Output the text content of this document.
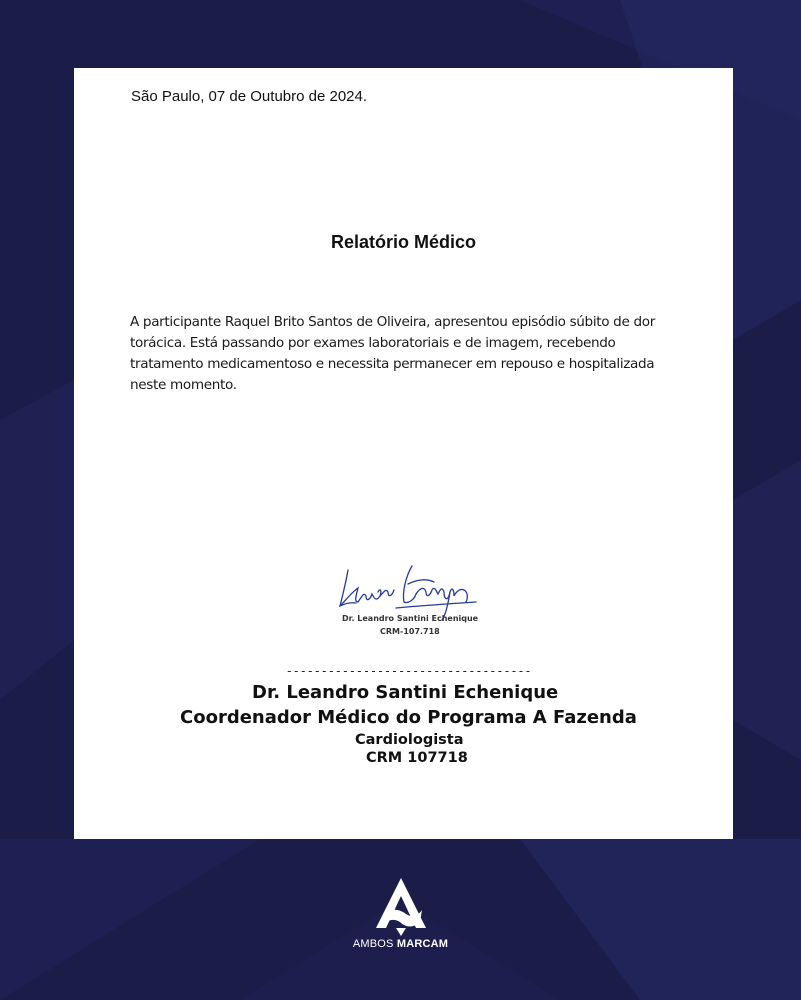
São Paulo, 07 de Outubro de 2024.
Relatório Médico
A participante Raquel Brito Santos de Oliveira, apresentou episódio súbito de dor torácica. Está passando por exames laboratoriais e de imagem, recebendo tratamento medicamentoso e necessita permanecer em repouso e hospitalizada neste momento.
Dr. Leandro Santini Echenique
CRM-107.718
-----------------------------------
Dr. Leandro Santini Echenique
Coordenador Médico do Programa A Fazenda
Cardiologista
CRM 107718
AMBOS MARCAM
